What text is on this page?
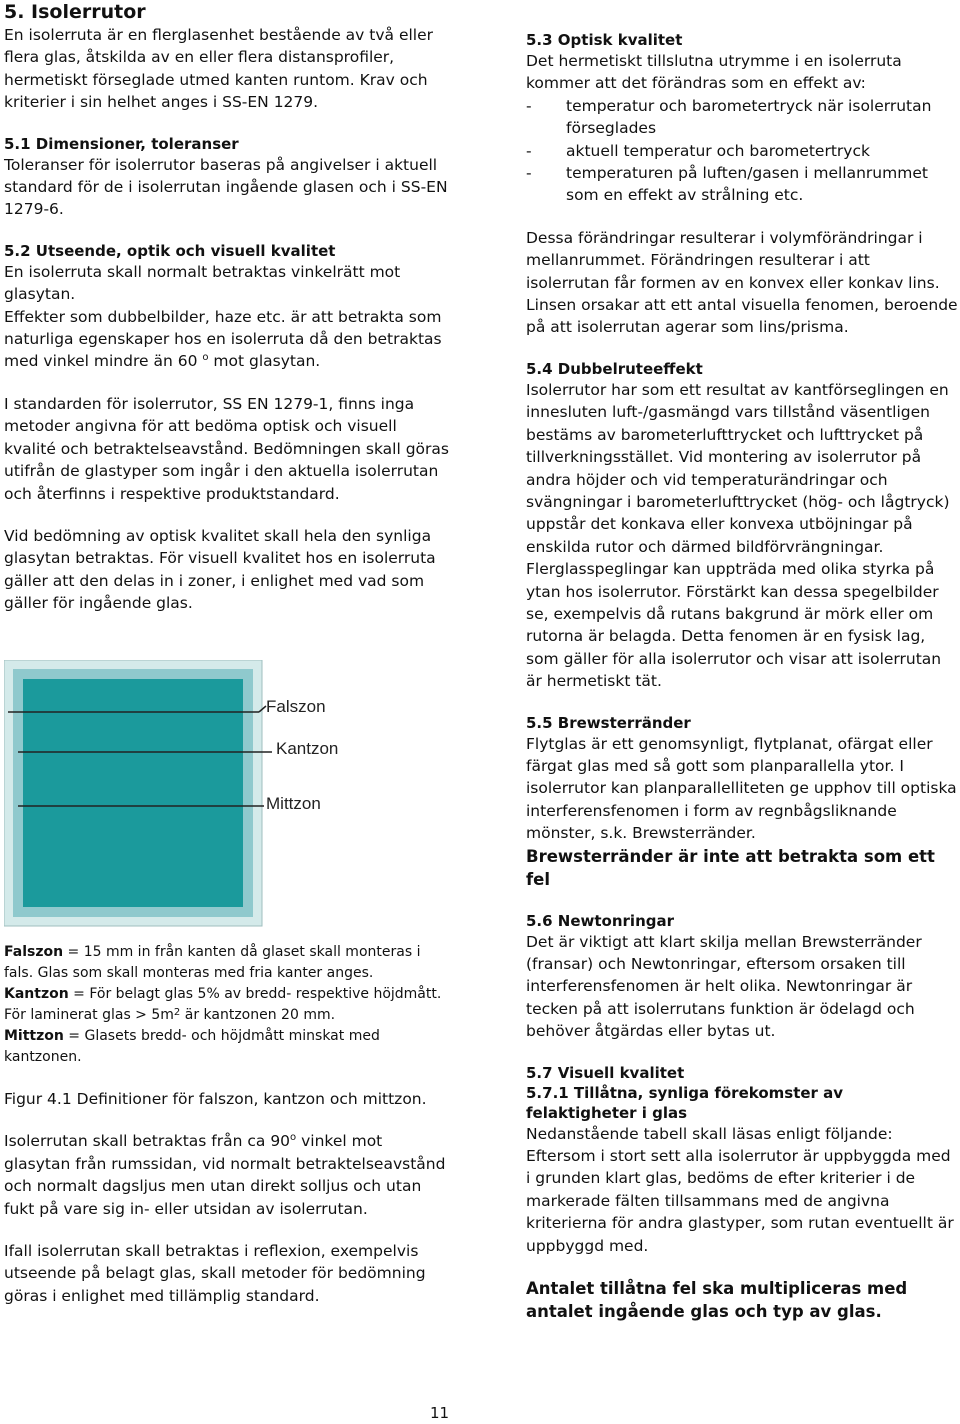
5. Isolerrutor

En isolerruta är en flerglasenhet bestående av två eller flera glas, åtskilda av en eller flera distansprofiler, hermetiskt förseglade utmed kanten runtom. Krav och kriterier i sin helhet anges i SS-EN 1279.

5.1 Dimensioner, toleranser

Toleranser för isolerrutor baseras på angivelser i aktuell standard för de i isolerrutan ingående glasen och i SS-EN 1279-6.

5.2 Utseende, optik och visuell kvalitet

En isolerruta skall normalt betraktas vinkelrätt mot glasytan.

Effekter som dubbelbilder, haze etc. är att betrakta som naturliga egenskaper hos en isolerruta då den betraktas med vinkel mindre än 60 $^o$ mot glasytan.

I standarden för isolerrutor, SS EN 1279-1, finns inga metoder angivna för att bedöma optisk och visuell kvalité och betraktelseavstånd. Bedömningen skall göras utifrån de glastyper som ingår i den aktuella isolerrutan och återfinns i respektive produktstandard.

Vid bedömning av optisk kvalitet skall hela den synliga glasytan betraktas. För visuell kvalitet hos en isolerruta gäller att den delas in i zoner, i enlighet med vad som gäller för ingående glas.

Falszon
Kantzon
Mittzon

Falszon = 15 mm in från kanten då glaset skall monteras i fals. Glas som skall monteras med fria kanter anges.

Kantzon = För belagt glas 5% av bredd- respektive höjdmått. För laminerat glas > $5m^2$ är kantzonen 20 mm.

Mittzon = Glasets bredd- och höjdmått minskat med kantzonen.

Figur 4.1 Definitioner för falszon, kantzon och mittzon.

Isolerrutan skall betraktas från ca 90$^o$ vinkel mot glasytan från rumssidan, vid normalt betraktelseavstånd och normalt dagsljus men utan direkt solljus och utan fukt på vare sig in- eller utsidan av isolerrutan.

Ifall isolerrutan skall betraktas i reflexion, exempelvis utseende på belagt glas, skall metoder för bedömning göras i enlighet med tillämplig standard.

5.3 Optisk kvalitet

Det hermetiskt tillslutna utrymme i en isolerruta kommer att det förändras som en effekt av:

- temperatur och barometertryck när isolerrutan förseglades
- aktuell temperatur och barometertryck
- temperaturen på luften/gasen i mellanrummet som en effekt av strålning etc.

Dessa förändringar resulterar i volymförändringar i mellanrummet. Förändringen resulterar i att isolerrutan får formen av en konvex eller konkav lins. Linsen orsakar att ett antal visuella fenomen, beroende på att isolerrutan agerar som lins/prisma.

5.4 Dubbelruteeffekt

Isolerrutor har som ett resultat av kantförseglingen en innesluten luft-/gasmängd vars tillstånd väsentligen bestäms av barometerlufttrycket och lufttrycket på tillverkningsstället. Vid montering av isolerrutor på andra höjder och vid temperaturändringar och svängningar i barometerlufttrycket (hög- och lågtryck) uppstår det konkava eller konvexa utböjningar på enskilda rutor och därmed bildförvrängningar. Flerglasspeglingar kan uppträda med olika styrka på ytan hos isolerrutor. Förstärkt kan dessa spegelbilder se, exempelvis då rutans bakgrund är mörk eller om rutorna är belagda. Detta fenomen är en fysisk lag, som gäller för alla isolerrutor och visar att isolerrutan är hermetiskt tät.

5.5 Brewsterränder

Flytglas är ett genomsynligt, flytplanat, ofärgat eller färgat glas med så gott som planparallella ytor. I isolerrutor kan planparallelliteten ge upphov till optiska interferensfenomen i form av regnbågsliknande mönster, s.k. Brewsterränder.

Brewsterränder är inte att betrakta som ett fel

5.6 Newtonringar

Det är viktigt att klart skilja mellan Brewsterränder (fransar) och Newtonringar, eftersom orsaken till interferensfenomen är helt olika. Newtonringar är tecken på att isolerrutans funktion är ödelagd och behöver åtgärdas eller bytas ut.

5.7 Visuell kvalitet

5.7.1 Tillåtna, synliga förekomster av felaktigheter i glas

Nedanstående tabell skall läsas enligt följande: Eftersom i stort sett alla isolerrutor är uppbyggda med i grunden klart glas, bedöms de efter kriterier i de markerade fälten tillsammans med de angivna kriterierna för andra glastyper, som rutan eventuellt är uppbyggd med.

Antalet tillåtna fel ska multipliceras med antalet ingående glas och typ av glas.

11
